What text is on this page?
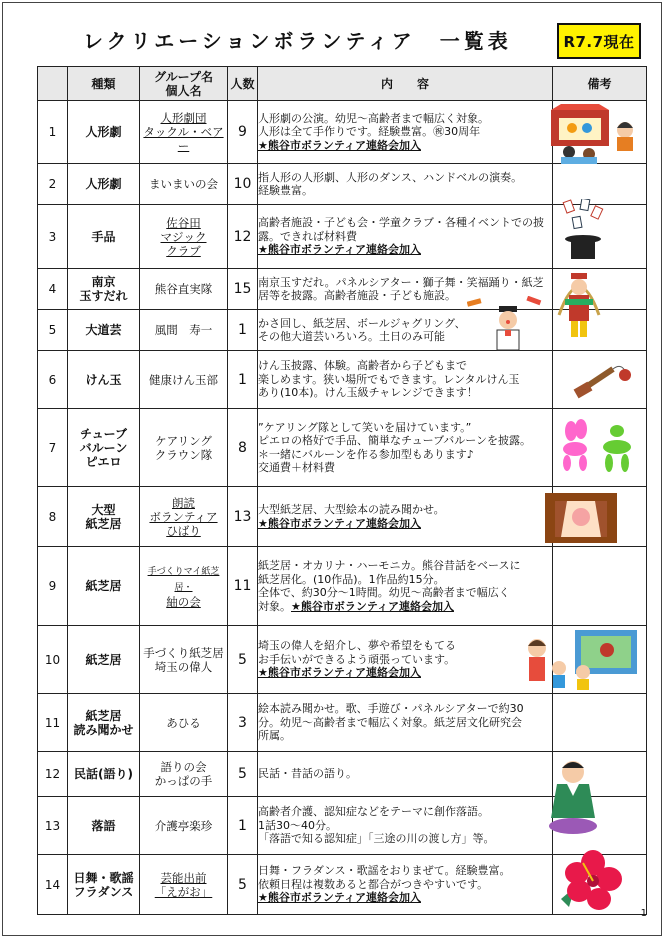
レクリエーションボランティア　一覧表	R7.7現在
	種類	グループ名
個人名	人数	内　　容	備考
1	人形劇	人形劇団
タックル・ベアー	9	人形劇の公演。幼児～高齢者まで幅広く対象。
人形は全て手作りです。経験豊富。㊗30周年
★熊谷市ボランティア連絡会加入	

2	人形劇	まいまいの会	10	指人形の人形劇、人形のダンス、ハンドベルの演奏。
経験豊富。	
3	手品	佐谷田
マジック
クラブ	12	高齢者施設・子ども会・学童クラブ・各種イベントでの披
露。できれば材料費
★熊谷市ボランティア連絡会加入	

4	南京
玉すだれ	熊谷直実隊	15	南京玉すだれ。パネルシアター・獅子舞・笑福踊り・紙芝
居等を披露。高齢者施設・子ども施設。	

5	大道芸	風間　寿一	1	かさ回し、紙芝居、ボールジャグリング、
その他大道芸いろいろ。土日のみ可能	

6	けん玉	健康けん玉部	1	けん玉披露、体験。高齢者から子どもまで
楽しめます。狭い場所でもできます。レンタルけん玉
あり(10本)。けん玉級チャレンジできます！	

7	チューブ
バルーン
ピエロ	ケアリング
クラウン隊	8	”ケアリング隊として笑いを届けています。”
ピエロの格好で手品、簡単なチューブバルーンを披露。
＊一緒にバルーンを作る参加型もあります♪
交通費＋材料費	

8	大型
紙芝居	朗読
ボランティア
ひばり	13	大型紙芝居、大型絵本の読み聞かせ。
★熊谷市ボランティア連絡会加入	

9	紙芝居	手づくりマイ紙芝居・
紬の会	11	紙芝居・オカリナ・ハーモニカ。熊谷昔話をベースに
紙芝居化。(10作品)。1作品約15分。
全体で、約30分～1時間。幼児～高齢者まで幅広く
対象。★熊谷市ボランティア連絡会加入	
10	紙芝居	手づくり紙芝居
埼玉の偉人	5	埼玉の偉人を紹介し、夢や希望をもてる
お手伝いができるよう頑張っています。
★熊谷市ボランティア連絡会加入	

11	紙芝居
読み聞かせ	あひる	3	絵本読み聞かせ。歌、手遊び・パネルシアターで約30
分。幼児～高齢者まで幅広く対象。紙芝居文化研究会
所属。	
12	民話(語り)	語りの会
かっぱの手	5	民話・昔話の語り。	

13	落語	介護亭楽珍	1	高齢者介護、認知症などをテーマに創作落語。
1話30～40分。
「落語で知る認知症」「三途の川の渡し方」等。	
14	日舞・歌謡
フラダンス	芸能出前
「えがお」	5	日舞・フラダンス・歌謡をおりまぜて。経験豊富。
依頼日程は複数あると都合がつきやすいです。
★熊谷市ボランティア連絡会加入	
1
